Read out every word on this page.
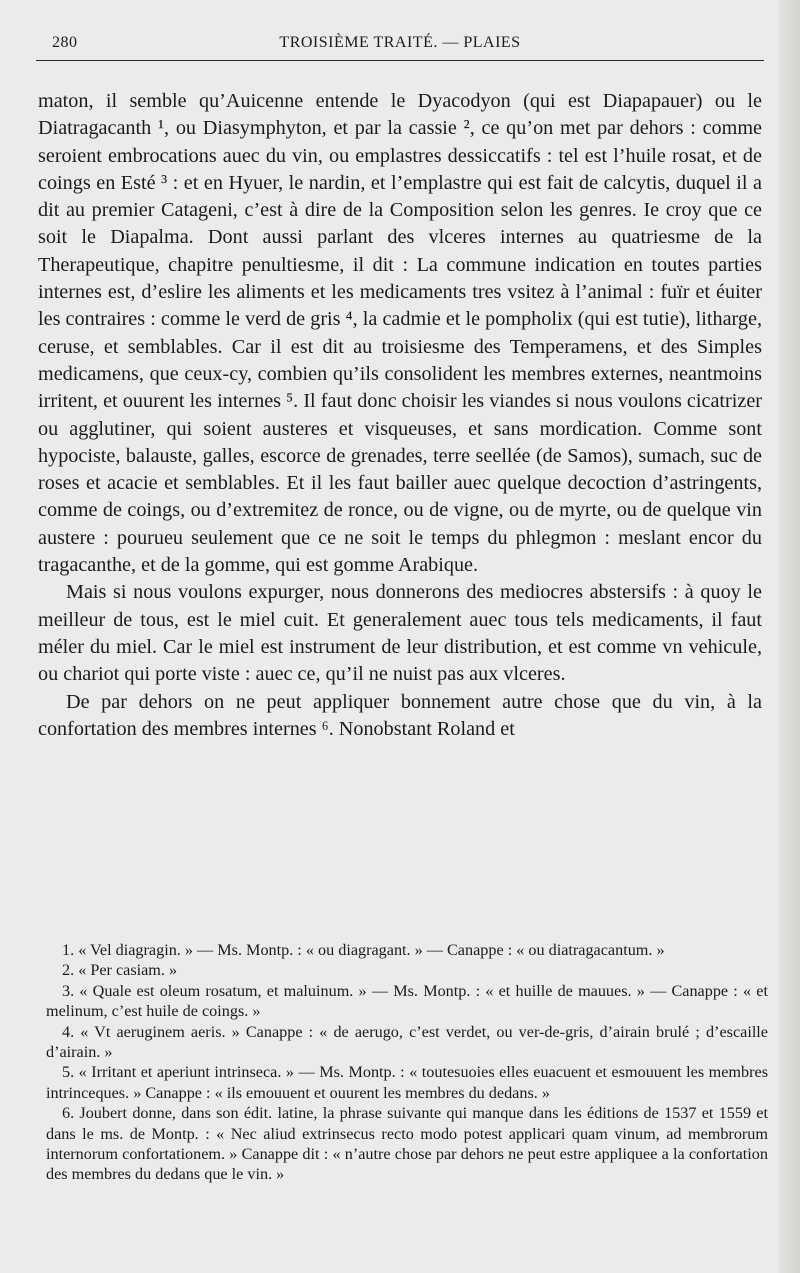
280	TROISIÈME TRAITÉ. — PLAIES

maton, il semble qu’Auicenne entende le Dyacodyon (qui est Diapapauer) ou le Diatragacanth ¹, ou Diasymphyton, et par la cassie ², ce qu’on met par dehors : comme seroient embrocations auec du vin, ou emplastres dessiccatifs : tel est l’huile rosat, et de coings en Esté ³ : et en Hyuer, le nardin, et l’emplastre qui est fait de calcytis, duquel il a dit au premier Catageni, c’est à dire de la Composition selon les genres. Ie croy que ce soit le Diapalma. Dont aussi parlant des vlceres internes au quatriesme de la Therapeutique, chapitre penultiesme, il dit : La commune indication en toutes parties internes est, d’eslire les aliments et les medicaments tres vsitez à l’animal : fuïr et éuiter les contraires : comme le verd de gris ⁴, la cadmie et le pompholix (qui est tutie), litharge, ceruse, et semblables. Car il est dit au troisiesme des Temperamens, et des Simples medicamens, que ceux-cy, combien qu’ils consolident les membres externes, neantmoins irritent, et ouurent les internes ⁵. Il faut donc choisir les viandes si nous voulons cicatrizer ou agglutiner, qui soient austeres et visqueuses, et sans mordication. Comme sont hypociste, balauste, galles, escorce de grenades, terre seellée (de Samos), sumach, suc de roses et acacie et semblables. Et il les faut bailler auec quelque decoction d’astringents, comme de coings, ou d’extremitez de ronce, ou de vigne, ou de myrte, ou de quelque vin austere : pourueu seulement que ce ne soit le temps du phlegmon : meslant encor du tragacanthe, et de la gomme, qui est gomme Arabique.

Mais si nous voulons expurger, nous donnerons des mediocres abstersifs : à quoy le meilleur de tous, est le miel cuit. Et generalement auec tous tels medicaments, il faut méler du miel. Car le miel est instrument de leur distribution, et est comme vn vehicule, ou chariot qui porte viste : auec ce, qu’il ne nuist pas aux vlceres.

De par dehors on ne peut appliquer bonnement autre chose que du vin, à la confortation des membres internes ⁶. Nonobstant Roland et

1. « Vel diagragin. » — Ms. Montp. : « ou diagragant. » — Canappe : « ou diatragacantum. »

2. « Per casiam. »

3. « Quale est oleum rosatum, et maluinum. » — Ms. Montp. : « et huille de mauues. » — Canappe : « et melinum, c’est huile de coings. »

4. « Vt aeruginem aeris. » Canappe : « de aerugo, c’est verdet, ou ver-de-gris, d’airain brulé ; d’escaille d’airain. »

5. « Irritant et aperiunt intrinseca. » — Ms. Montp. : « toutesuoies elles euacuent et esmouuent les membres intrinceques. » Canappe : « ils emouuent et ouurent les membres du dedans. »

6. Joubert donne, dans son édit. latine, la phrase suivante qui manque dans les éditions de 1537 et 1559 et dans le ms. de Montp. : « Nec aliud extrinsecus recto modo potest applicari quam vinum, ad membrorum internorum confortationem. » Canappe dit : « n’autre chose par dehors ne peut estre appliquee a la confortation des membres du dedans que le vin. »
